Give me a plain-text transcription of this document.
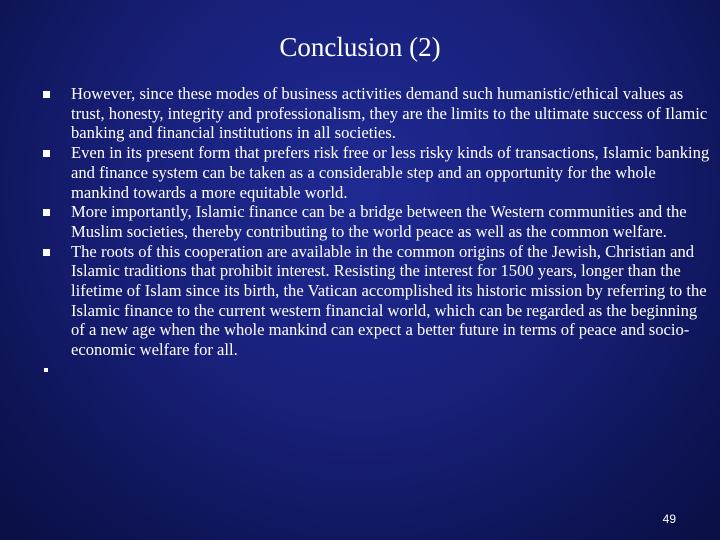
Conclusion (2)
However, since these modes of business activities demand such humanistic/ethical values as trust, honesty, integrity and professionalism, they are the limits to the ultimate success of Ilamic banking and financial institutions in all societies.
Even in its present form that prefers risk free or less risky kinds of transactions, Islamic banking and finance system can be taken as a considerable step and an opportunity for the whole mankind towards a more equitable world.
More importantly, Islamic finance can be a bridge between the Western communities and the Muslim societies, thereby contributing to the world peace as well as the common welfare.
The roots of this cooperation are available in the common origins of the Jewish, Christian and Islamic traditions that prohibit interest. Resisting the interest for 1500 years, longer than the lifetime of Islam since its birth, the Vatican accomplished its historic mission by referring to the Islamic finance to the current western financial world, which can be regarded as the beginning of a new age when the whole mankind can expect a better future in terms of peace and socio-economic welfare for all.
49
